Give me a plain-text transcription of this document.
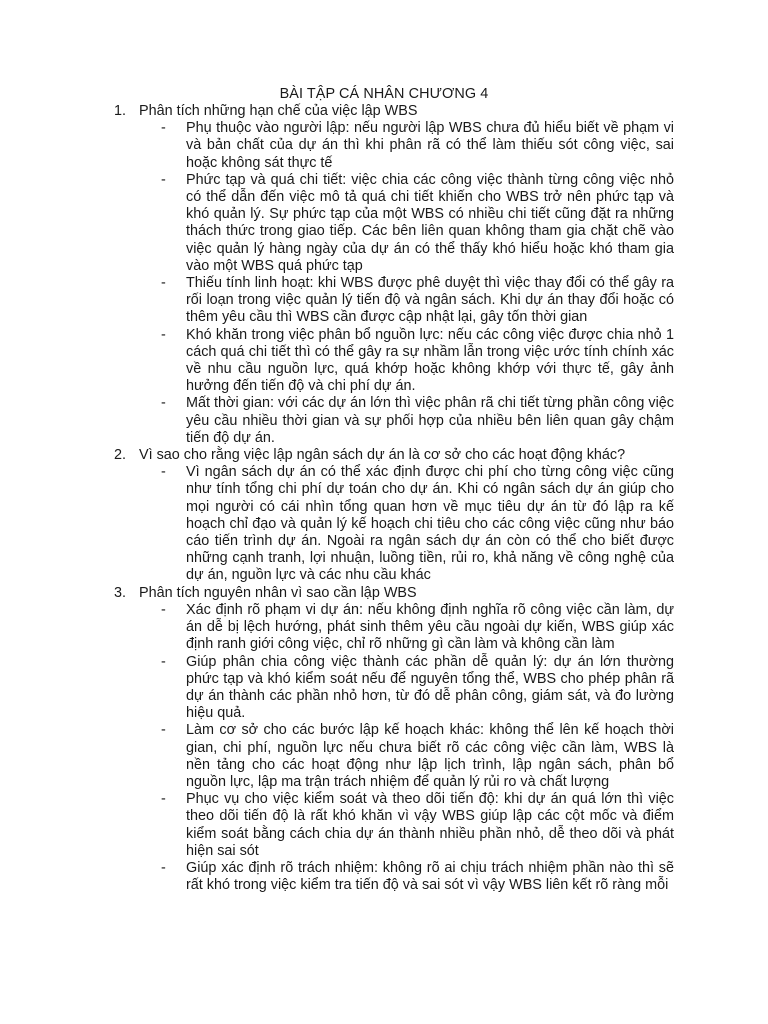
BÀI TẬP CÁ NHÂN CHƯƠNG 4
1. Phân tích những hạn chế của việc lập WBS
-	Phụ thuộc vào người lập: nếu người lập WBS chưa đủ hiểu biết về phạm vi và bản chất của dự án thì khi phân rã có thể làm thiếu sót công việc, sai hoặc không sát thực tế
-	Phức tạp và quá chi tiết: việc chia các công việc thành từng công việc nhỏ có thể dẫn đến việc mô tả quá chi tiết khiến cho WBS trở nên phức tạp và khó quản lý. Sự phức tạp của một WBS có nhiều chi tiết cũng đặt ra những thách thức trong giao tiếp. Các bên liên quan không tham gia chặt chẽ vào việc quản lý hàng ngày của dự án có thể thấy khó hiểu hoặc khó tham gia vào một WBS quá phức tạp
-	Thiếu tính linh hoạt: khi WBS được phê duyệt thì việc thay đổi có thể gây ra rối loạn trong việc quản lý tiến độ và ngân sách. Khi dự án thay đổi hoặc có thêm yêu cầu thì WBS cần được cập nhật lại, gây tốn thời gian
-	Khó khăn trong việc phân bổ nguồn lực: nếu các công việc được chia nhỏ 1 cách quá chi tiết thì có thể gây ra sự nhầm lẫn trong việc ước tính chính xác về nhu cầu nguồn lực, quá khớp hoặc không khớp với thực tế, gây ảnh hưởng đến tiến độ và chi phí dự án.
-	Mất thời gian: với các dự án lớn thì việc phân rã chi tiết từng phần công việc yêu cầu nhiều thời gian và sự phối hợp của nhiều bên liên quan gây chậm tiến độ dự án.
2. Vì sao cho rằng việc lập ngân sách dự án là cơ sở cho các hoạt động khác?
-	Vì ngân sách dự án có thể xác định được chi phí cho từng công việc cũng như tính tổng chi phí dự toán cho dự án. Khi có ngân sách dự án giúp cho mọi người có cái nhìn tổng quan hơn về mục tiêu dự án từ đó lập ra kế hoạch chỉ đạo và quản lý kế hoạch chi tiêu cho các công việc cũng như báo cáo tiến trình dự án. Ngoài ra ngân sách dự án còn có thể cho biết được những cạnh tranh, lợi nhuận, luồng tiền, rủi ro, khả năng về công nghệ của dự án, nguồn lực và các nhu cầu khác
3. Phân tích nguyên nhân vì sao cần lập WBS
-	Xác định rõ phạm vi dự án: nếu không định nghĩa rõ công việc cần làm, dự án dễ bị lệch hướng, phát sinh thêm yêu cầu ngoài dự kiến, WBS giúp xác định ranh giới công việc, chỉ rõ những gì cần làm và không cần làm
-	Giúp phân chia công việc thành các phần dễ quản lý: dự án lớn thường phức tạp và khó kiểm soát nếu để nguyên tổng thể, WBS cho phép phân rã dự án thành các phần nhỏ hơn, từ đó dễ phân công, giám sát, và đo lường hiệu quả.
-	Làm cơ sở cho các bước lập kế hoạch khác: không thể lên kế hoạch thời gian, chi phí, nguồn lực nếu chưa biết rõ các công việc cần làm, WBS là nền tảng cho các hoạt động như lập lịch trình, lập ngân sách, phân bổ nguồn lực, lập ma trận trách nhiệm để quản lý rủi ro và chất lượng
-	Phục vụ cho việc kiểm soát và theo dõi tiến độ: khi dự án quá lớn thì việc theo dõi tiến độ là rất khó khăn vì vậy WBS giúp lập các cột mốc và điểm kiểm soát bằng cách chia dự án thành nhiều phần nhỏ, dễ theo dõi và phát hiện sai sót
-	Giúp xác định rõ trách nhiệm: không rõ ai chịu trách nhiệm phần nào thì sẽ rất khó trong việc kiểm tra tiến độ và sai sót vì vậy WBS liên kết rõ ràng mỗi
